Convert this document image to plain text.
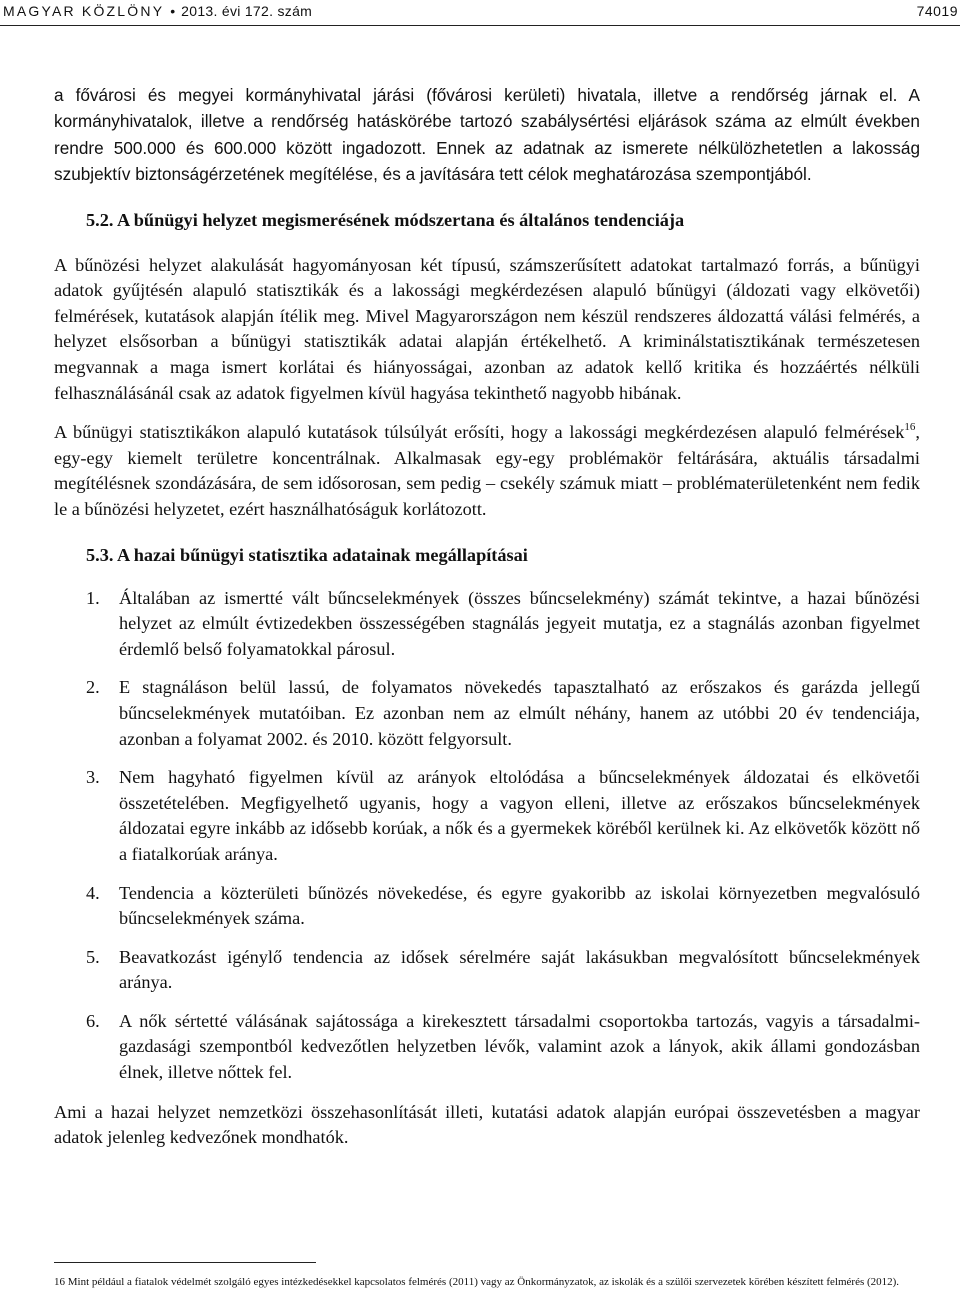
MAGYAR KÖZLÖNY • 2013. évi 172. szám	74019

a fővárosi és megyei kormányhivatal járási (fővárosi kerületi) hivatala, illetve a rendőrség járnak el. A kormányhivatalok, illetve a rendőrség hatáskörébe tartozó szabálysértési eljárások száma az elmúlt években rendre 500.000 és 600.000 között ingadozott. Ennek az adatnak az ismerete nélkülözhetetlen a lakosság szubjektív biztonságérzetének megítélése, és a javítására tett célok meghatározása szempontjából.

5.2. A bűnügyi helyzet megismerésének módszertana és általános tendenciája

A bűnözési helyzet alakulását hagyományosan két típusú, számszerűsített adatokat tartalmazó forrás, a bűnügyi adatok gyűjtésén alapuló statisztikák és a lakossági megkérdezésen alapuló bűnügyi (áldozati vagy elkövetői) felmérések, kutatások alapján ítélik meg. Mivel Magyarországon nem készül rendszeres áldozattá válási felmérés, a helyzet elsősorban a bűnügyi statisztikák adatai alapján értékelhető. A kriminálstatisztikának természetesen megvannak a maga ismert korlátai és hiányosságai, azonban az adatok kellő kritika és hozzáértés nélküli felhasználásánál csak az adatok figyelmen kívül hagyása tekinthető nagyobb hibának.

A bűnügyi statisztikákon alapuló kutatások túlsúlyát erősíti, hogy a lakossági megkérdezésen alapuló felmérések$^{16}$, egy-egy kiemelt területre koncentrálnak. Alkalmasak egy-egy problémakör feltárására, aktuális társadalmi megítélésnek szondázására, de sem idősorosan, sem pedig – csekély számuk miatt – problématerületenként nem fedik le a bűnözési helyzetet, ezért használhatóságuk korlátozott.

5.3. A hazai bűnügyi statisztika adatainak megállapításai
1. Általában az ismertté vált bűncselekmények (összes bűncselekmény) számát tekintve, a hazai bűnözési helyzet az elmúlt évtizedekben összességében stagnálás jegyeit mutatja, ez a stagnálás azonban figyelmet érdemlő belső folyamatokkal párosul.
2. E stagnáláson belül lassú, de folyamatos növekedés tapasztalható az erőszakos és garázda jellegű bűncselekmények mutatóiban. Ez azonban nem az elmúlt néhány, hanem az utóbbi 20 év tendenciája, azonban a folyamat 2002. és 2010. között felgyorsult.
3. Nem hagyható figyelmen kívül az arányok eltolódása a bűncselekmények áldozatai és elkövetői összetételében. Megfigyelhető ugyanis, hogy a vagyon elleni, illetve az erőszakos bűncselekmények áldozatai egyre inkább az idősebb korúak, a nők és a gyermekek köréből kerülnek ki. Az elkövetők között nő a fiatalkorúak aránya.
4. Tendencia a közterületi bűnözés növekedése, és egyre gyakoribb az iskolai környezetben megvalósuló bűncselekmények száma.
5. Beavatkozást igénylő tendencia az idősek sérelmére saját lakásukban megvalósított bűncselekmények aránya.
6. A nők sértetté válásának sajátossága a kirekesztett társadalmi csoportokba tartozás, vagyis a társadalmi-gazdasági szempontból kedvezőtlen helyzetben lévők, valamint azok a lányok, akik állami gondozásban élnek, illetve nőttek fel.

Ami a hazai helyzet nemzetközi összehasonlítását illeti, kutatási adatok alapján európai összevetésben a magyar adatok jelenleg kedvezőnek mondhatók.

16 Mint például a fiatalok védelmét szolgáló egyes intézkedésekkel kapcsolatos felmérés (2011) vagy az Önkormányzatok, az iskolák és a szülői szervezetek körében készített felmérés (2012).
